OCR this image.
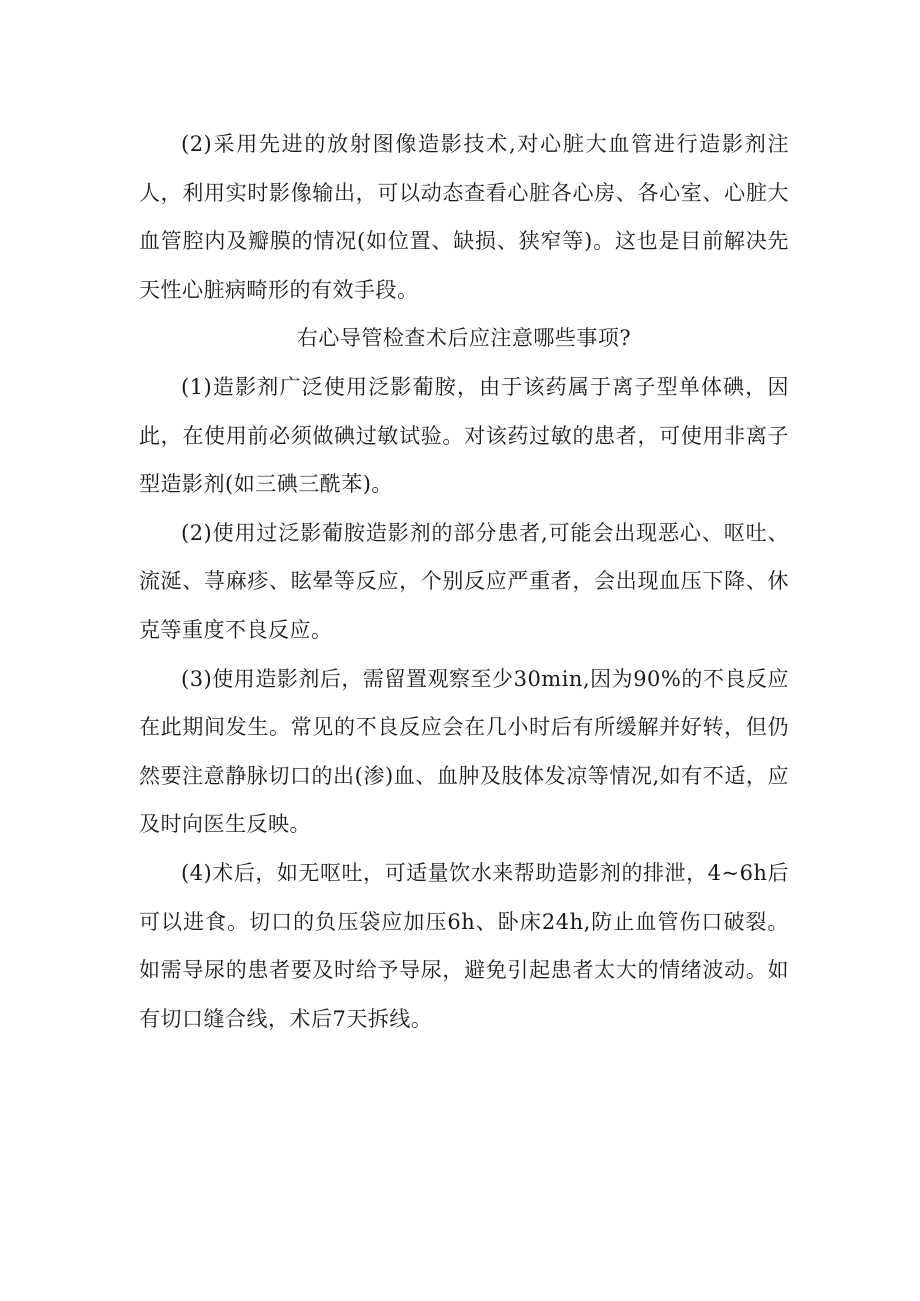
(2)采用先进的放射图像造影技术,对心脏大血管进行造影剂注人，利用实时影像输出，可以动态查看心脏各心房、各心室、心脏大血管腔内及瓣膜的情况(如位置、缺损、狭窄等)。这也是目前解决先天性心脏病畸形的有效手段。

右心导管检查术后应注意哪些事项?

(1)造影剂广泛使用泛影葡胺，由于该药属于离子型单体碘，因此，在使用前必须做碘过敏试验。对该药过敏的患者，可使用非离子型造影剂(如三碘三酰苯)。

(2)使用过泛影葡胺造影剂的部分患者,可能会出现恶心、呕吐、流涎、荨麻疹、眩晕等反应，个别反应严重者，会出现血压下降、休克等重度不良反应。

(3)使用造影剂后，需留置观察至少30min,因为90%的不良反应在此期间发生。常见的不良反应会在几小时后有所缓解并好转，但仍然要注意静脉切口的出(渗)血、血肿及肢体发凉等情况,如有不适，应及时向医生反映。

(4)术后，如无呕吐，可适量饮水来帮助造影剂的排泄，4~6h后可以进食。切口的负压袋应加压6h、卧床24h,防止血管伤口破裂。如需导尿的患者要及时给予导尿，避免引起患者太大的情绪波动。如有切口缝合线，术后7天拆线。
